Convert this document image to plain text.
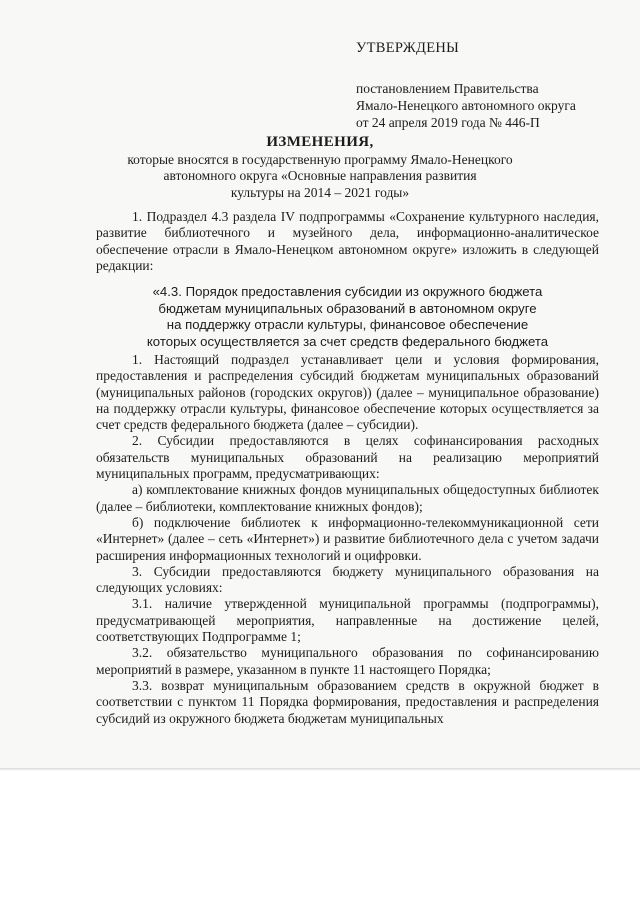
УТВЕРЖДЕНЫ
постановлением Правительства
Ямало-Ненецкого автономного округа
от 24 апреля 2019 года № 446-П
ИЗМЕНЕНИЯ,
которые вносятся в государственную программу Ямало-Ненецкого
автономного округа «Основные направления развития
культуры на 2014 – 2021 годы»

1. Подраздел 4.3 раздела IV подпрограммы «Сохранение культурного наследия, развитие библиотечного и музейного дела, информационно-аналитическое обеспечение отрасли в Ямало-Ненецком автономном округе» изложить в следующей редакции:

«4.3. Порядок предоставления субсидии из окружного бюджета
бюджетам муниципальных образований в автономном округе
на поддержку отрасли культуры, финансовое обеспечение
которых осуществляется за счет средств федерального бюджета

1. Настоящий подраздел устанавливает цели и условия формирования, предоставления и распределения субсидий бюджетам муниципальных образований (муниципальных районов (городских округов)) (далее – муниципальное образование) на поддержку отрасли культуры, финансовое обеспечение которых осуществляется за счет средств федерального бюджета (далее – субсидии).

2. Субсидии предоставляются в целях софинансирования расходных обязательств муниципальных образований на реализацию мероприятий муниципальных программ, предусматривающих:

а) комплектование книжных фондов муниципальных общедоступных библиотек (далее – библиотеки, комплектование книжных фондов);

б) подключение библиотек к информационно-телекоммуникационной сети «Интернет» (далее – сеть «Интернет») и развитие библиотечного дела с учетом задачи расширения информационных технологий и оцифровки.

3. Субсидии предоставляются бюджету муниципального образования на следующих условиях:

3.1. наличие утвержденной муниципальной программы (подпрограммы), предусматривающей мероприятия, направленные на достижение целей, соответствующих Подпрограмме 1;

3.2. обязательство муниципального образования по софинансированию мероприятий в размере, указанном в пункте 11 настоящего Порядка;

3.3. возврат муниципальным образованием средств в окружной бюджет в соответствии с пунктом 11 Порядка формирования, предоставления и распределения субсидий из окружного бюджета бюджетам муниципальных
